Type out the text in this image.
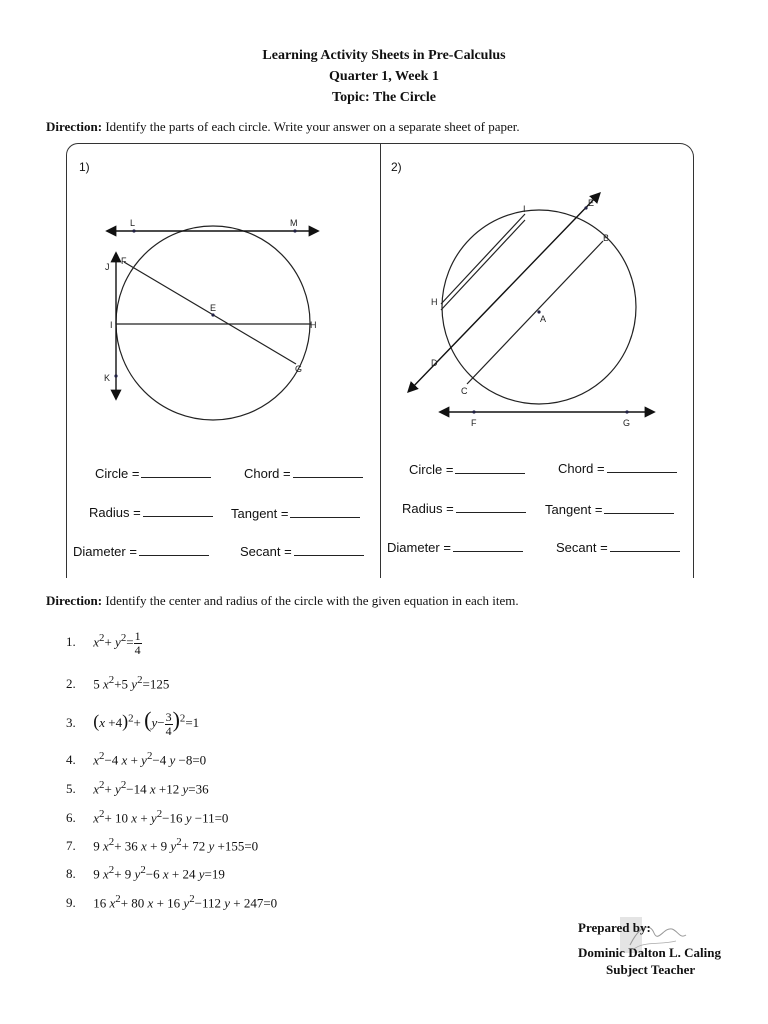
Learning Activity Sheets in Pre-Calculus
Quarter 1, Week 1
Topic: The Circle
Direction: Identify the parts of each circle. Write your answer on a separate sheet of paper.
1)
L	M
J
F
E
I	H
K
G
Circle =	Chord =
Radius =	Tangent =
Diameter =	Secant =
2)
I
E
B
H
A
D
C
F	G
Circle =	Chord =
Radius =	Tangent =
Diameter =	Secant =
Direction: Identify the center and radius of the circle with the given equation in each item.
1. $x^2+ y^2= \frac{1}{4}$
2. 5 $x^2+5$ $y^2=125$
3. $(x +4)^2+ (y- \frac{3}{4} )^2=1$
4. $x^2-4$ $x + y^2-4$ y −8=0
5. $x^2+ y^2-14$ x +12 y=36
6. $x^2+ 10$ $x + y^2-16$ y −11=0
7. 9 $x^2+ 36$ x + 9 $y^2+ 72$ y +155=0
8. 9 $x^2+ 9$ $y^2-6$ x + 24 y=19
9. 16 $x^2+ 80$ x + 16 $y^2-112$ y + 247=0
Prepared by:
Dominic Dalton L. Caling
Subject Teacher
